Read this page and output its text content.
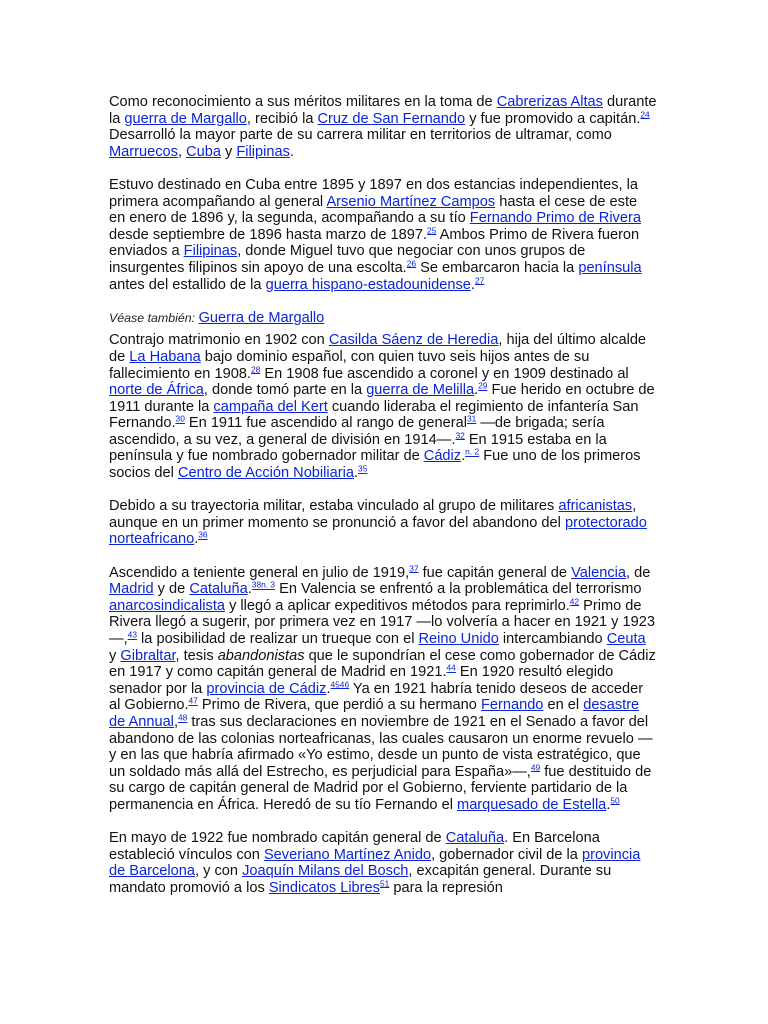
Como reconocimiento a sus méritos militares en la toma de Cabrerizas Altas durante la guerra de Margallo, recibió la Cruz de San Fernando y fue promovido a capitán.$^{24}$ Desarrolló la mayor parte de su carrera militar en territorios de ultramar, como Marruecos, Cuba y Filipinas.

Estuvo destinado en Cuba entre 1895 y 1897 en dos estancias independientes, la primera acompañando al general Arsenio Martínez Campos hasta el cese de este en enero de 1896 y, la segunda, acompañando a su tío Fernando Primo de Rivera desde septiembre de 1896 hasta marzo de 1897.25 Ambos Primo de Rivera fueron enviados a Filipinas, donde Miguel tuvo que negociar con unos grupos de insurgentes filipinos sin apoyo de una escolta.$^{26}$ Se embarcaron hacia la península antes del estallido de la guerra hispano-estadounidense.$^{27}$

Véase también: Guerra de Margallo

Contrajo matrimonio en 1902 con Casilda Sáenz de Heredia, hija del último alcalde de La Habana bajo dominio español, con quien tuvo seis hijos antes de su fallecimiento en 1908.28 En 1908 fue ascendido a coronel y en 1909 destinado al norte de África, donde tomó parte en la guerra de Melilla.$^{29}$ Fue herido en octubre de 1911 durante la campaña del Kert cuando lideraba el regimiento de infantería San Fernando.$^{30}$ En 1911 fue ascendido al rango de general$^{31}$ —de brigada; sería ascendido, a su vez, a general de división en 1914—.$^{32}$ En 1915 estaba en la península y fue nombrado gobernador militar de Cádiz.$^{n. 2}$ Fue uno de los primeros socios del Centro de Acción Nobiliaria.$^{35}$

Debido a su trayectoria militar, estaba vinculado al grupo de militares africanistas, aunque en un primer momento se pronunció a favor del abandono del protectorado norteafricano.$^{36}$

Ascendido a teniente general en julio de 1919,37 fue capitán general de Valencia, de Madrid y de Cataluña.$^{38n. 3}$ En Valencia se enfrentó a la problemática del terrorismo anarcosindicalista y llegó a aplicar expeditivos métodos para reprimirlo.$^{42}$ Primo de Rivera llegó a sugerir, por primera vez en 1917 —lo volvería a hacer en 1921 y 1923—,$^{43}$ la posibilidad de realizar un trueque con el Reino Unido intercambiando Ceuta y Gibraltar, tesis abandonistas que le supondrían el cese como gobernador de Cádiz en 1917 y como capitán general de Madrid en 1921.44 En 1920 resultó elegido senador por la provincia de Cádiz.$^{4546}$ Ya en 1921 habría tenido deseos de acceder al Gobierno.$^{47}$ Primo de Rivera, que perdió a su hermano Fernando en el desastre de Annual,$^{48}$ tras sus declaraciones en noviembre de 1921 en el Senado a favor del abandono de las colonias norteafricanas, las cuales causaron un enorme revuelo —y en las que habría afirmado «Yo estimo, desde un punto de vista estratégico, que un soldado más allá del Estrecho, es perjudicial para España»—,$^{49}$ fue destituido de su cargo de capitán general de Madrid por el Gobierno, ferviente partidario de la permanencia en África. Heredó de su tío Fernando el marquesado de Estella.$^{50}$

En mayo de 1922 fue nombrado capitán general de Cataluña. En Barcelona estableció vínculos con Severiano Martínez Anido, gobernador civil de la provincia de Barcelona, y con Joaquín Milans del Bosch, excapitán general. Durante su mandato promovió a los Sindicatos Libres$^{51}$ para la represión
